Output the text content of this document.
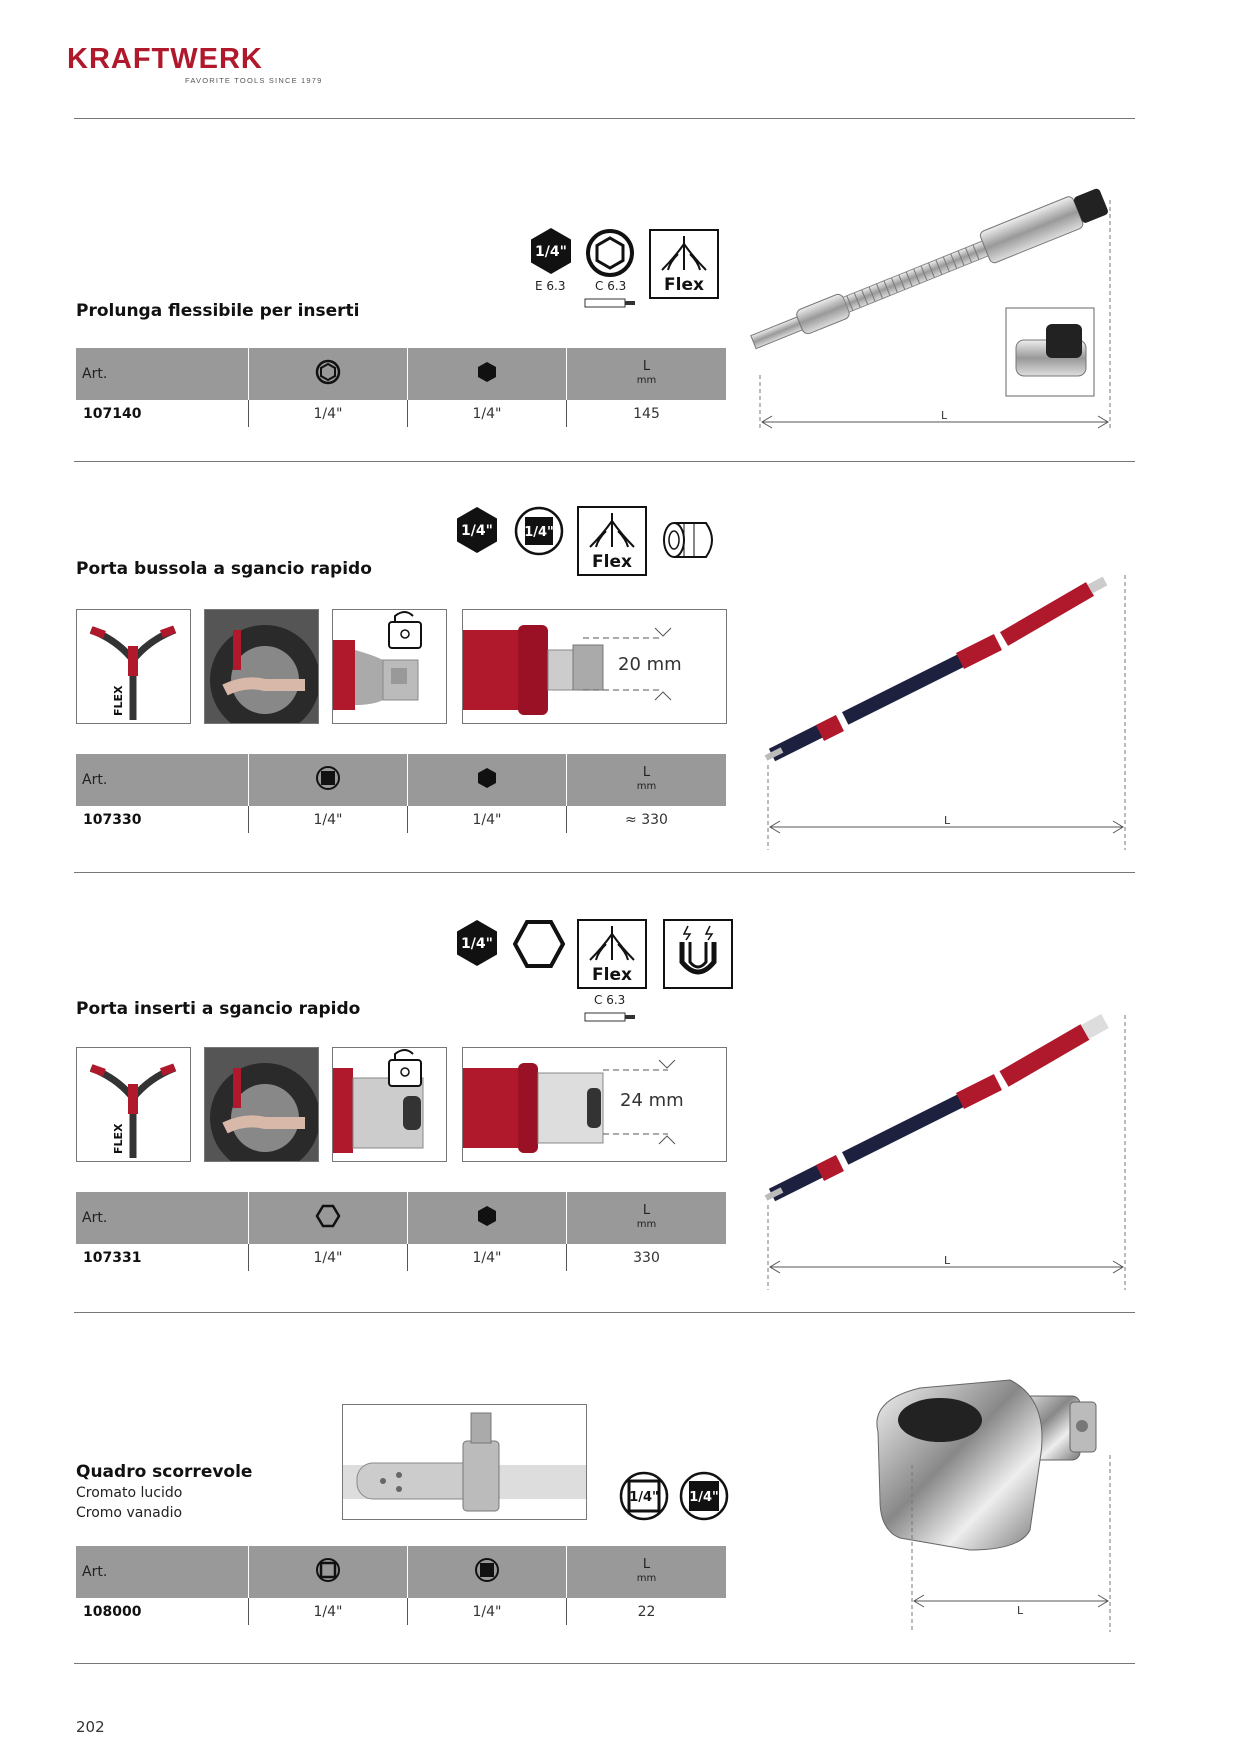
KRAFTWERK
FAVORITE TOOLS SINCE 1979
Prolunga flessibile per inserti
1/4"
E 6.3 C 6.3 Flex
L
Art.			L
mm

107140	1/4"	1/4"	145
Porta bussola a sgancio rapido
1/4" 1/4"
Flex
FLEX
20 mm
L
Art.			L
mm

107330	1/4"	1/4"	≈ 330
Porta inserti a sgancio rapido
1/4"
Flex
C 6.3
FLEX
24 mm
L
Art.			L
mm

107331	1/4"	1/4"	330
Quadro scorrevole
Cromato lucido
Cromo vanadio
1/4" 1/4"
L
Art.			L
mm

108000	1/4"	1/4"	22
202
